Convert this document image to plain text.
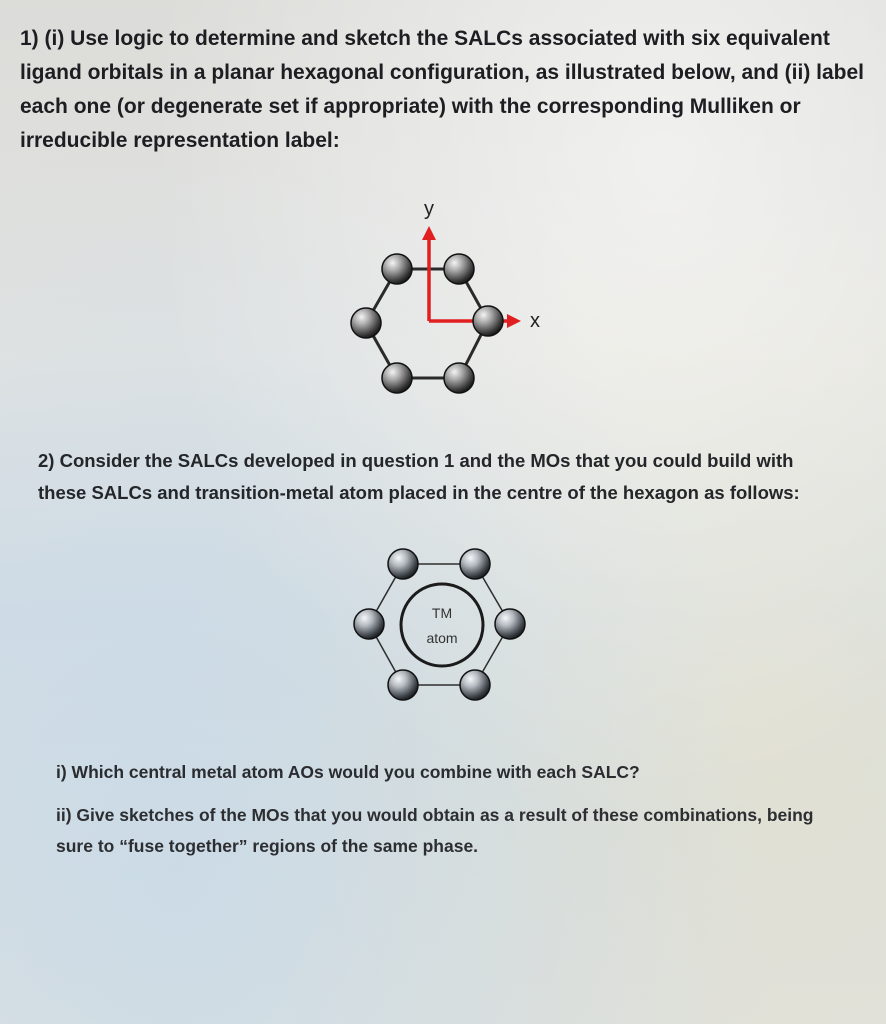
1) (i) Use logic to determine and sketch the SALCs associated with six equivalent ligand orbitals in a planar hexagonal configuration, as illustrated below, and (ii) label each one (or degenerate set if appropriate) with the corresponding Mulliken or irreducible representation label:

y
x

2) Consider the SALCs developed in question 1 and the MOs that you could build with these SALCs and transition-metal atom placed in the centre of the hexagon as follows:

TM
atom

i) Which central metal atom AOs would you combine with each SALC?

ii) Give sketches of the MOs that you would obtain as a result of these combinations, being sure to “fuse together” regions of the same phase.
